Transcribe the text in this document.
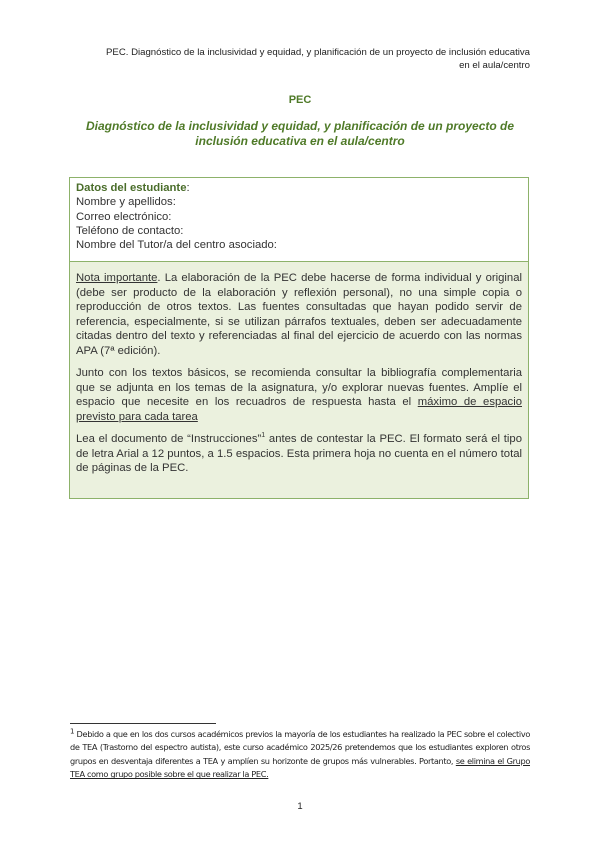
PEC. Diagnóstico de la inclusividad y equidad, y planificación de un proyecto de inclusión educativa
en el aula/centro
PEC
Diagnóstico de la inclusividad y equidad, y planificación de un proyecto de inclusión educativa en el aula/centro
Datos del estudiante:
Nombre y apellidos:
Correo electrónico:
Teléfono de contacto:
Nombre del Tutor/a del centro asociado:

Nota importante. La elaboración de la PEC debe hacerse de forma individual y original (debe ser producto de la elaboración y reflexión personal), no una simple copia o reproducción de otros textos. Las fuentes consultadas que hayan podido servir de referencia, especialmente, si se utilizan párrafos textuales, deben ser adecuadamente citadas dentro del texto y referenciadas al final del ejercicio de acuerdo con las normas APA (7ª edición).

Junto con los textos básicos, se recomienda consultar la bibliografía complementaria que se adjunta en los temas de la asignatura, y/o explorar nuevas fuentes. Amplíe el espacio que necesite en los recuadros de respuesta hasta el máximo de espacio previsto para cada tarea

Lea el documento de “Instrucciones”$^1$ antes de contestar la PEC. El formato será el tipo de letra Arial a 12 puntos, a 1.5 espacios. Esta primera hoja no cuenta en el número total de páginas de la PEC.

$^1$ Debido a que en los dos cursos académicos previos la mayoría de los estudiantes ha realizado la PEC sobre el colectivo de TEA (Trastorno del espectro autista), este curso académico 2025/26 pretendemos que los estudiantes exploren otros grupos en desventaja diferentes a TEA y amplíen su horizonte de grupos más vulnerables. Portanto, se elimina el Grupo TEA como grupo posible sobre el que realizar la PEC.
1
